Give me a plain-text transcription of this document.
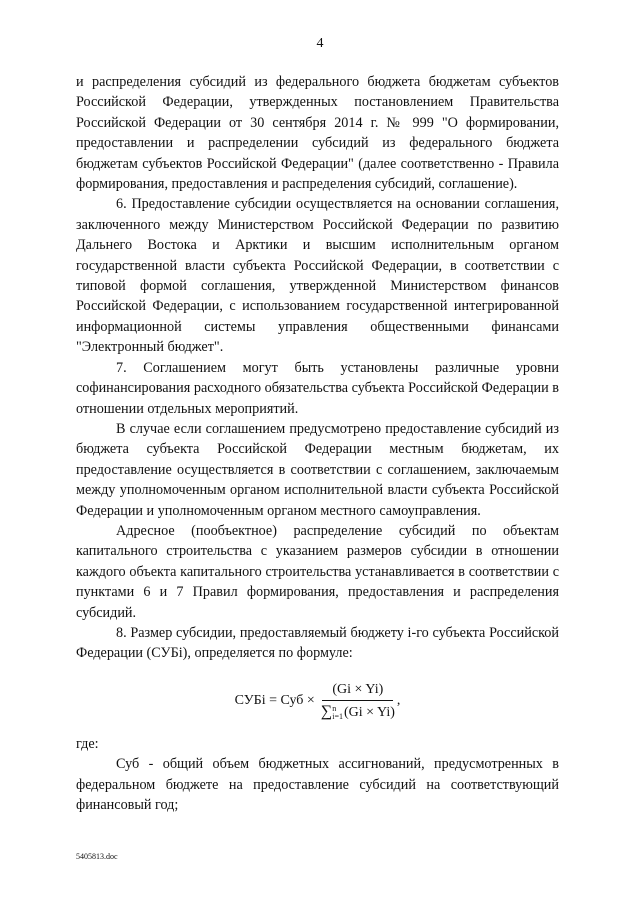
4

и распределения субсидий из федерального бюджета бюджетам субъектов Российской Федерации, утвержденных постановлением Правительства Российской Федерации от 30 сентября 2014 г. № 999 "О формировании, предоставлении и распределении субсидий из федерального бюджета бюджетам субъектов Российской Федерации" (далее соответственно - Правила формирования, предоставления и распределения субсидий, соглашение).

6. Предоставление субсидии осуществляется на основании соглашения, заключенного между Министерством Российской Федерации по развитию Дальнего Востока и Арктики и высшим исполнительным органом государственной власти субъекта Российской Федерации, в соответствии с типовой формой соглашения, утвержденной Министерством финансов Российской Федерации, с использованием государственной интегрированной информационной системы управления общественными финансами "Электронный бюджет".

7. Соглашением могут быть установлены различные уровни софинансирования расходного обязательства субъекта Российской Федерации в отношении отдельных мероприятий.

В случае если соглашением предусмотрено предоставление субсидий из бюджета субъекта Российской Федерации местным бюджетам, их предоставление осуществляется в соответствии с соглашением, заключаемым между уполномоченным органом исполнительной власти субъекта Российской Федерации и уполномоченным органом местного самоуправления.

Адресное (пообъектное) распределение субсидий по объектам капитального строительства с указанием размеров субсидии в отношении каждого объекта капитального строительства устанавливается в соответствии с пунктами 6 и 7 Правил формирования, предоставления и распределения субсидий.

8. Размер субсидии, предоставляемый бюджету i-го субъекта Российской Федерации (СУБi), определяется по формуле:

СУБi = Суб × (Gi × Yi)
∑ n
i=1 (Gi × Yi) ,

где:

Суб - общий объем бюджетных ассигнований, предусмотренных в федеральном бюджете на предоставление субсидий на соответствующий финансовый год;

5405813.doc
